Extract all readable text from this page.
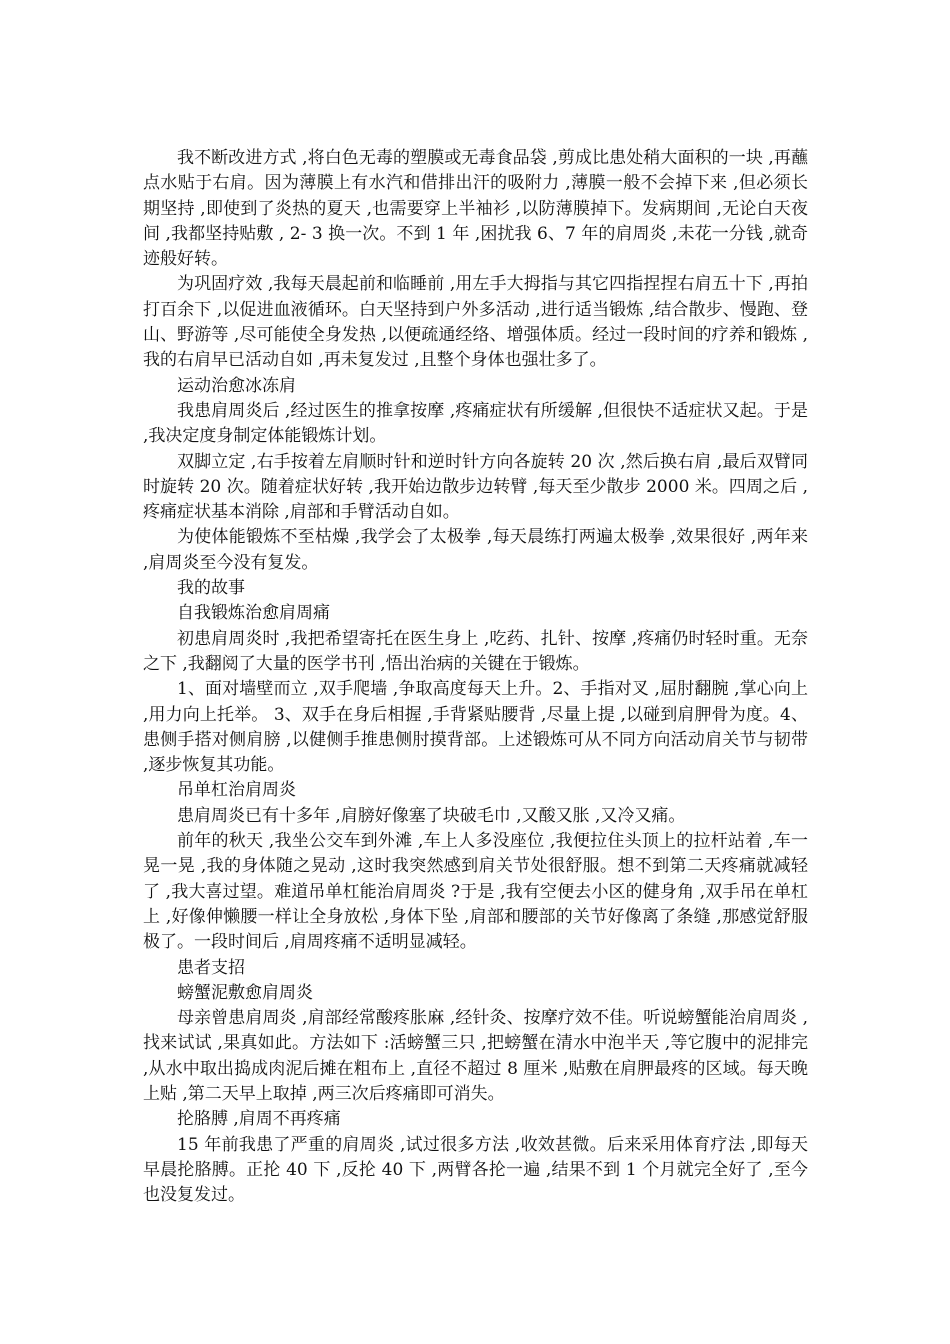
我不断改进方式 ,将白色无毒的塑膜或无毒食品袋 ,剪成比患处稍大面积的一块 ,再蘸点水贴于右肩。因为薄膜上有水汽和借排出汗的吸附力 ,薄膜一般不会掉下来 ,但必须长期坚持 ,即使到了炎热的夏天 ,也需要穿上半袖衫 ,以防薄膜掉下。发病期间 ,无论白天夜间 ,我都坚持贴敷 , 2- 3 换一次。不到 1 年 ,困扰我 6、7 年的肩周炎 ,未花一分钱 ,就奇迹般好转。

为巩固疗效 ,我每天晨起前和临睡前 ,用左手大拇指与其它四指捏捏右肩五十下 ,再拍打百余下 ,以促进血液循环。白天坚持到户外多活动 ,进行适当锻炼 ,结合散步、慢跑、登山、野游等 ,尽可能使全身发热 ,以便疏通经络、增强体质。经过一段时间的疗养和锻炼 ,我的右肩早已活动自如 ,再未复发过 ,且整个身体也强壮多了。

运动治愈冰冻肩

我患肩周炎后 ,经过医生的推拿按摩 ,疼痛症状有所缓解 ,但很快不适症状又起。于是 ,我决定度身制定体能锻炼计划。

双脚立定 ,右手按着左肩顺时针和逆时针方向各旋转 20 次 ,然后换右肩 ,最后双臂同时旋转 20 次。随着症状好转 ,我开始边散步边转臂 ,每天至少散步 2000 米。四周之后 ,疼痛症状基本消除 ,肩部和手臂活动自如。

为使体能锻炼不至枯燥 ,我学会了太极拳 ,每天晨练打两遍太极拳 ,效果很好 ,两年来 ,肩周炎至今没有复发。

我的故事

自我锻炼治愈肩周痛

初患肩周炎时 ,我把希望寄托在医生身上 ,吃药、扎针、按摩 ,疼痛仍时轻时重。无奈之下 ,我翻阅了大量的医学书刊 ,悟出治病的关键在于锻炼。

1、面对墙壁而立 ,双手爬墙 ,争取高度每天上升。2、手指对叉 ,屈肘翻腕 ,掌心向上 ,用力向上托举。 3、双手在身后相握 ,手背紧贴腰背 ,尽量上提 ,以碰到肩胛骨为度。4、患侧手搭对侧肩膀 ,以健侧手推患侧肘摸背部。上述锻炼可从不同方向活动肩关节与韧带 ,逐步恢复其功能。

吊单杠治肩周炎

患肩周炎已有十多年 ,肩膀好像塞了块破毛巾 ,又酸又胀 ,又冷又痛。

前年的秋天 ,我坐公交车到外滩 ,车上人多没座位 ,我便拉住头顶上的拉杆站着 ,车一晃一晃 ,我的身体随之晃动 ,这时我突然感到肩关节处很舒服。想不到第二天疼痛就减轻了 ,我大喜过望。难道吊单杠能治肩周炎 ?于是 ,我有空便去小区的健身角 ,双手吊在单杠上 ,好像伸懒腰一样让全身放松 ,身体下坠 ,肩部和腰部的关节好像离了条缝 ,那感觉舒服极了。一段时间后 ,肩周疼痛不适明显减轻。

患者支招

螃蟹泥敷愈肩周炎

母亲曾患肩周炎 ,肩部经常酸疼胀麻 ,经针灸、按摩疗效不佳。听说螃蟹能治肩周炎 ,找来试试 ,果真如此。方法如下 :活螃蟹三只 ,把螃蟹在清水中泡半天 ,等它腹中的泥排完 ,从水中取出捣成肉泥后摊在粗布上 ,直径不超过 8 厘米 ,贴敷在肩胛最疼的区域。每天晚上贴 ,第二天早上取掉 ,两三次后疼痛即可消失。

抡胳膊 ,肩周不再疼痛

15 年前我患了严重的肩周炎 ,试过很多方法 ,收效甚微。后来采用体育疗法 ,即每天早晨抡胳膊。正抡 40 下 ,反抡 40 下 ,两臂各抡一遍 ,结果不到 1 个月就完全好了 ,至今也没复发过。
